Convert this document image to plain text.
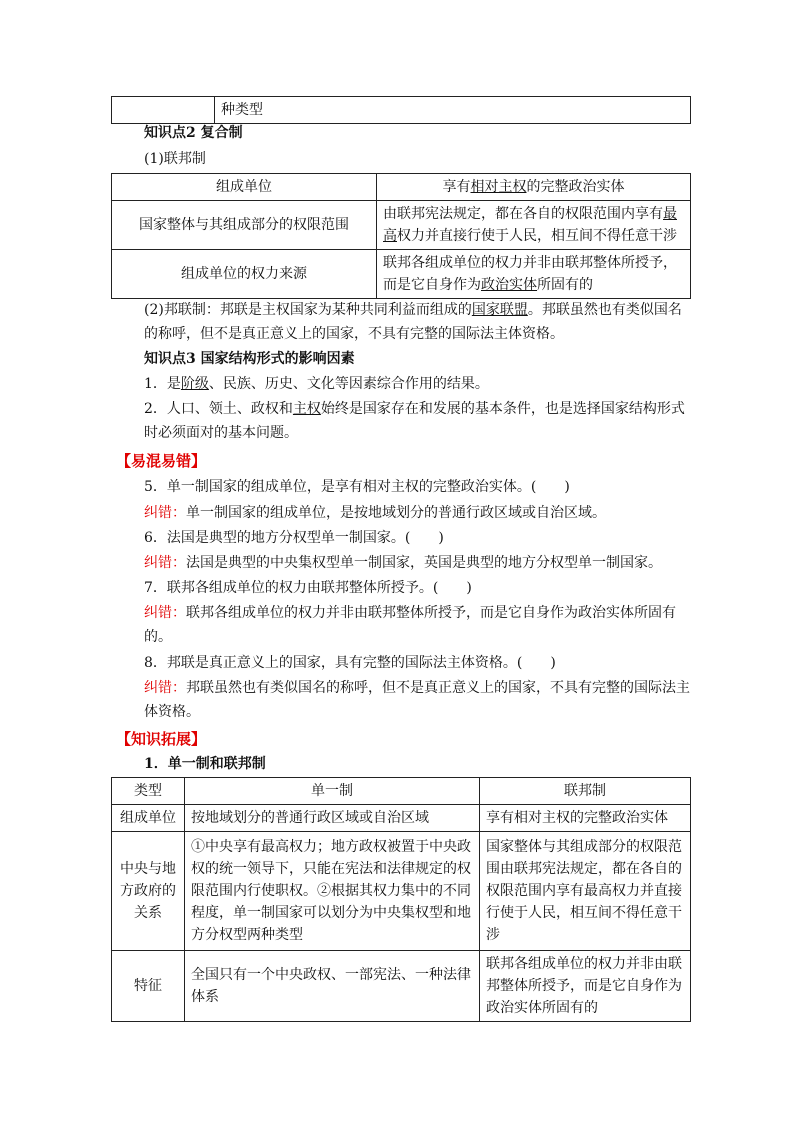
	种类型
知识点2 复合制
(1)联邦制
组成单位	享有相对主权的完整政治实体
国家整体与其组成部分的权限范围	由联邦宪法规定，都在各自的权限范围内享有最高权力并直接行使于人民，相互间不得任意干涉
组成单位的权力来源	联邦各组成单位的权力并非由联邦整体所授予，而是它自身作为政治实体所固有的
(2)邦联制：邦联是主权国家为某种共同利益而组成的国家联盟。邦联虽然也有类似国名的称呼，但不是真正意义上的国家，不具有完整的国际法主体资格。
知识点3 国家结构形式的影响因素
1．是阶级、民族、历史、文化等因素综合作用的结果。
2．人口、领土、政权和主权始终是国家存在和发展的基本条件，也是选择国家结构形式时必须面对的基本问题。
【易混易错】
5．单一制国家的组成单位，是享有相对主权的完整政治实体。(　　)
纠错：单一制国家的组成单位，是按地域划分的普通行政区域或自治区域。
6．法国是典型的地方分权型单一制国家。(　　)
纠错：法国是典型的中央集权型单一制国家，英国是典型的地方分权型单一制国家。
7．联邦各组成单位的权力由联邦整体所授予。(　　)
纠错：联邦各组成单位的权力并非由联邦整体所授予，而是它自身作为政治实体所固有的。
8．邦联是真正意义上的国家，具有完整的国际法主体资格。(　　)
纠错：邦联虽然也有类似国名的称呼，但不是真正意义上的国家，不具有完整的国际法主体资格。
【知识拓展】
1．单一制和联邦制
类型	单一制	联邦制
组成单位	按地域划分的普通行政区域或自治区域	享有相对主权的完整政治实体
中央与地方政府的关系	①中央享有最高权力；地方政权被置于中央政权的统一领导下，只能在宪法和法律规定的权限范围内行使职权。②根据其权力集中的不同程度，单一制国家可以划分为中央集权型和地方分权型两种类型	国家整体与其组成部分的权限范围由联邦宪法规定，都在各自的权限范围内享有最高权力并直接行使于人民，相互间不得任意干涉
特征	全国只有一个中央政权、一部宪法、一种法律体系	联邦各组成单位的权力并非由联邦整体所授予，而是它自身作为政治实体所固有的
